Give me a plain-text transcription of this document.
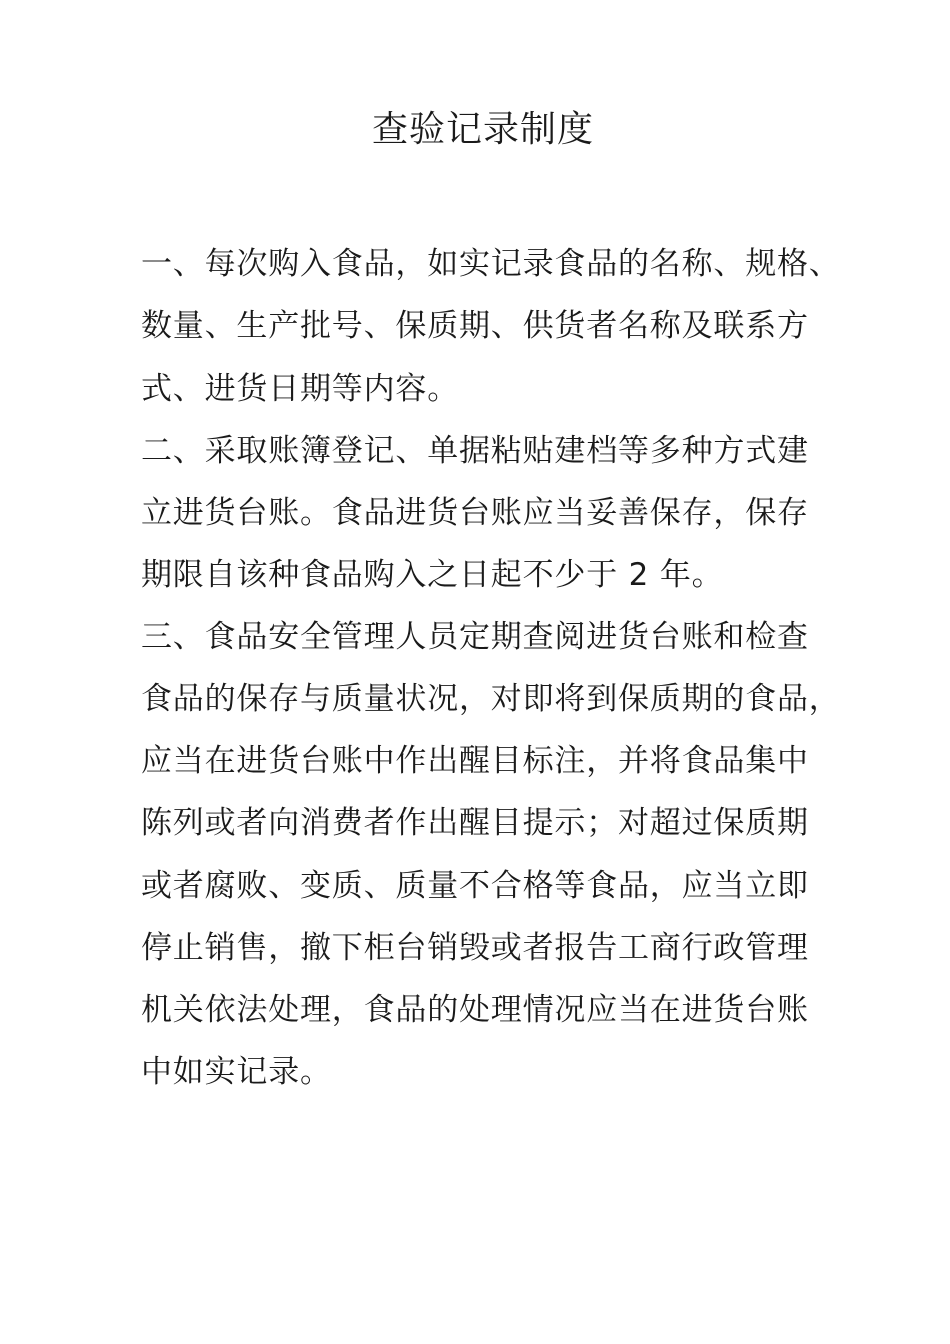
查验记录制度
一、每次购入食品，如实记录食品的名称、规格、
数量、生产批号、保质期、供货者名称及联系方
式、进货日期等内容。
二、采取账簿登记、单据粘贴建档等多种方式建
立进货台账。食品进货台账应当妥善保存，保存
期限自该种食品购入之日起不少于 2 年。
三、食品安全管理人员定期查阅进货台账和检查
食品的保存与质量状况，对即将到保质期的食品，
应当在进货台账中作出醒目标注，并将食品集中
陈列或者向消费者作出醒目提示；对超过保质期
或者腐败、变质、质量不合格等食品，应当立即
停止销售，撤下柜台销毁或者报告工商行政管理
机关依法处理，食品的处理情况应当在进货台账
中如实记录。
